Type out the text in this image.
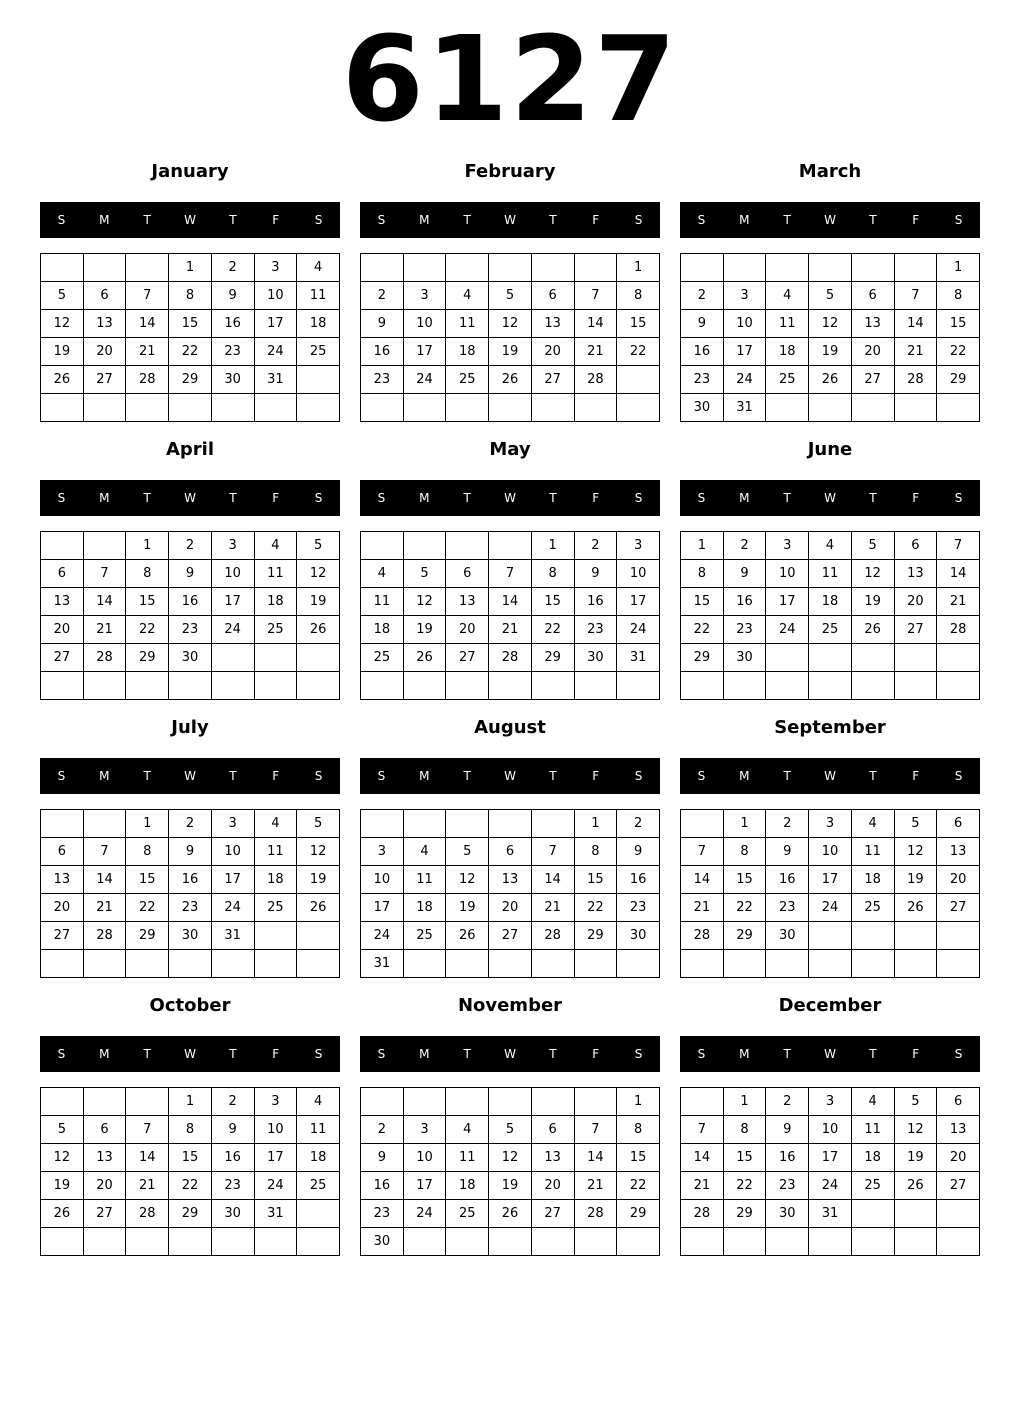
6127
January
S	M	T	W	T	F	S
			1	2	3	4
5	6	7	8	9	10	11
12	13	14	15	16	17	18
19	20	21	22	23	24	25
26	27	28	29	30	31	

February
S	M	T	W	T	F	S
						1
2	3	4	5	6	7	8
9	10	11	12	13	14	15
16	17	18	19	20	21	22
23	24	25	26	27	28	

March
S	M	T	W	T	F	S
						1
2	3	4	5	6	7	8
9	10	11	12	13	14	15
16	17	18	19	20	21	22
23	24	25	26	27	28	29
30	31					
April
S	M	T	W	T	F	S
		1	2	3	4	5
6	7	8	9	10	11	12
13	14	15	16	17	18	19
20	21	22	23	24	25	26
27	28	29	30			

May
S	M	T	W	T	F	S
				1	2	3
4	5	6	7	8	9	10
11	12	13	14	15	16	17
18	19	20	21	22	23	24
25	26	27	28	29	30	31

June
S	M	T	W	T	F	S
1	2	3	4	5	6	7
8	9	10	11	12	13	14
15	16	17	18	19	20	21
22	23	24	25	26	27	28
29	30					

July
S	M	T	W	T	F	S
		1	2	3	4	5
6	7	8	9	10	11	12
13	14	15	16	17	18	19
20	21	22	23	24	25	26
27	28	29	30	31		

August
S	M	T	W	T	F	S
					1	2
3	4	5	6	7	8	9
10	11	12	13	14	15	16
17	18	19	20	21	22	23
24	25	26	27	28	29	30
31						
September
S	M	T	W	T	F	S
	1	2	3	4	5	6
7	8	9	10	11	12	13
14	15	16	17	18	19	20
21	22	23	24	25	26	27
28	29	30				

October
S	M	T	W	T	F	S
			1	2	3	4
5	6	7	8	9	10	11
12	13	14	15	16	17	18
19	20	21	22	23	24	25
26	27	28	29	30	31	

November
S	M	T	W	T	F	S
						1
2	3	4	5	6	7	8
9	10	11	12	13	14	15
16	17	18	19	20	21	22
23	24	25	26	27	28	29
30						
December
S	M	T	W	T	F	S
	1	2	3	4	5	6
7	8	9	10	11	12	13
14	15	16	17	18	19	20
21	22	23	24	25	26	27
28	29	30	31			
